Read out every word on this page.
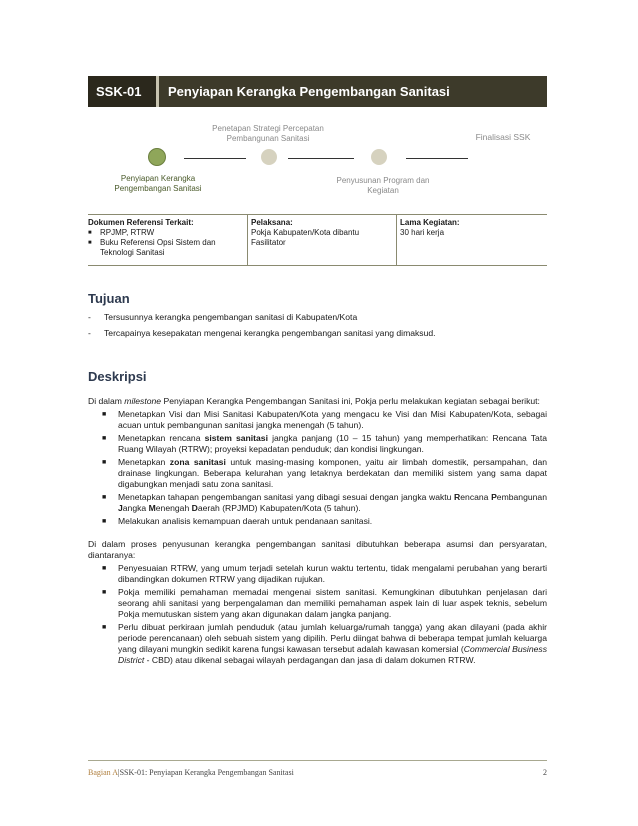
SSK-01	Penyiapan Kerangka Pengembangan Sanitasi
Penyiapan Kerangka
Pengembangan Sanitasi
Penetapan Strategi Percepatan
Pembangunan Sanitasi
Penyusunan Program dan
Kegiatan
Finalisasi SSK
Dokumen Referensi Terkait:
■	RPJMP, RTRW
■	Buku Referensi Opsi Sistem dan
Teknologi Sanitasi
Pelaksana:
Pokja Kabupaten/Kota dibantu
Fasilitator
Lama Kegiatan:
30 hari kerja
Tujuan
-	Tersusunnya kerangka pengembangan sanitasi di Kabupaten/Kota
-	Tercapainya kesepakatan mengenai kerangka pengembangan sanitasi yang dimaksud.
Deskripsi
Di dalam milestone Penyiapan Kerangka Pengembangan Sanitasi ini, Pokja perlu melakukan kegiatan sebagai berikut:
■	Menetapkan Visi dan Misi Sanitasi Kabupaten/Kota yang mengacu ke Visi dan Misi Kabupaten/Kota, sebagai acuan untuk pembangunan sanitasi jangka menengah (5 tahun).
■	Menetapkan rencana sistem sanitasi jangka panjang (10 – 15 tahun) yang memperhatikan: Rencana Tata Ruang Wilayah (RTRW); proyeksi kepadatan penduduk; dan kondisi lingkungan.
■	Menetapkan zona sanitasi untuk masing-masing komponen, yaitu air limbah domestik, persampahan, dan drainase lingkungan. Beberapa kelurahan yang letaknya berdekatan dan memiliki sistem yang sama dapat digabungkan menjadi satu zona sanitasi.
■	Menetapkan tahapan pengembangan sanitasi yang dibagi sesuai dengan jangka waktu Rencana Pembangunan Jangka Menengah Daerah (RPJMD) Kabupaten/Kota (5 tahun).
■	Melakukan analisis kemampuan daerah untuk pendanaan sanitasi.
Di dalam proses penyusunan kerangka pengembangan sanitasi dibutuhkan beberapa asumsi dan persyaratan, diantaranya:
■	Penyesuaian RTRW, yang umum terjadi setelah kurun waktu tertentu, tidak mengalami perubahan yang berarti dibandingkan dokumen RTRW yang dijadikan rujukan.
■	Pokja memiliki pemahaman memadai mengenai sistem sanitasi. Kemungkinan dibutuhkan penjelasan dari seorang ahli sanitasi yang berpengalaman dan memiliki pemahaman aspek lain di luar aspek teknis, sebelum Pokja memutuskan sistem yang akan digunakan dalam jangka panjang.
■	Perlu dibuat perkiraan jumlah penduduk (atau jumlah keluarga/rumah tangga) yang akan dilayani (pada akhir periode perencanaan) oleh sebuah sistem yang dipilih. Perlu diingat bahwa di beberapa tempat jumlah keluarga yang dilayani mungkin sedikit karena fungsi kawasan tersebut adalah kawasan komersial (Commercial Business District - CBD) atau dikenal sebagai wilayah perdagangan dan jasa di dalam dokumen RTRW.
Bagian A|SSK-01: Penyiapan Kerangka Pengembangan Sanitasi	2
